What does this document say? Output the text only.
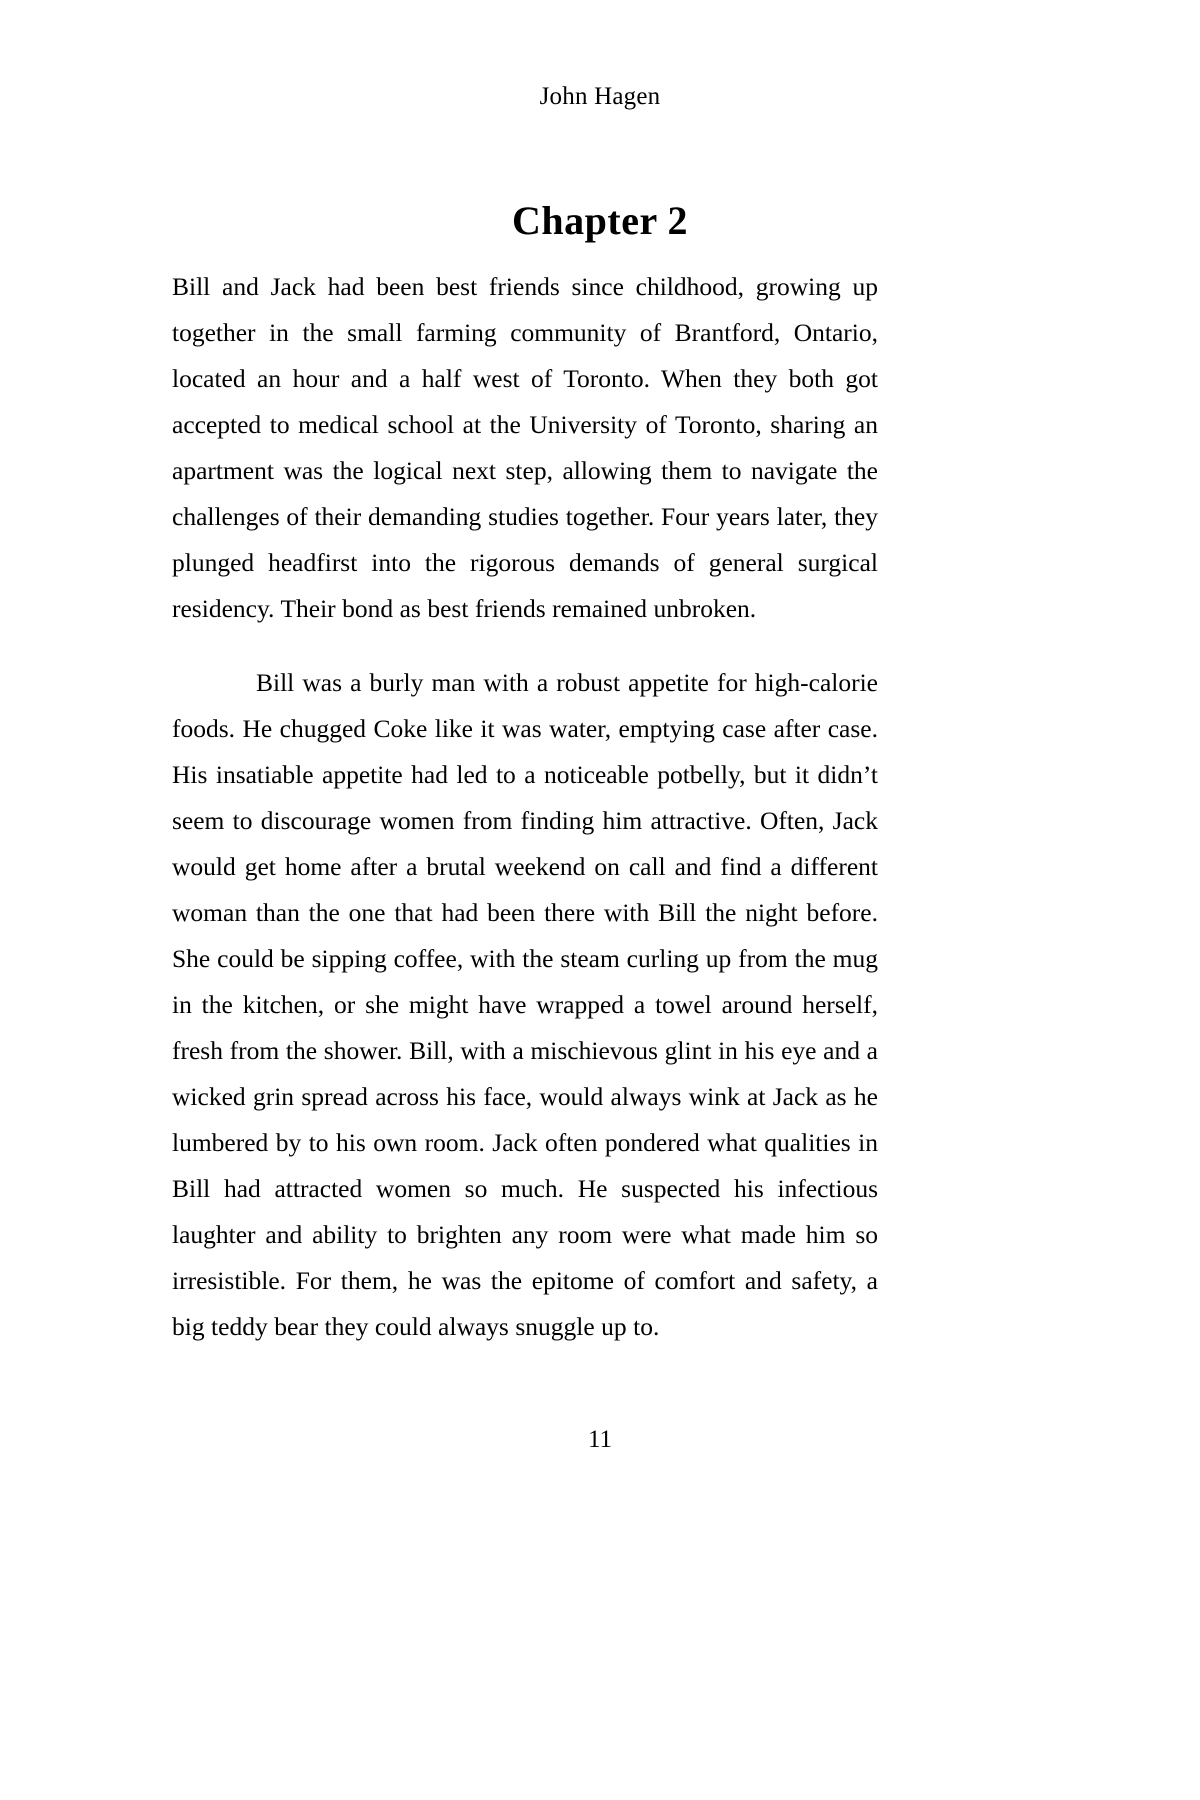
John Hagen
Chapter 2

Bill and Jack had been best friends since childhood, growing up together in the small farming community of Brantford, Ontario, located an hour and a half west of Toronto. When they both got accepted to medical school at the University of Toronto, sharing an apartment was the logical next step, allowing them to navigate the challenges of their demanding studies together. Four years later, they plunged headfirst into the rigorous demands of general surgical residency. Their bond as best friends remained unbroken.

Bill was a burly man with a robust appetite for high-calorie foods. He chugged Coke like it was water, emptying case after case. His insatiable appetite had led to a noticeable potbelly, but it didn’t seem to discourage women from finding him attractive. Often, Jack would get home after a brutal weekend on call and find a different woman than the one that had been there with Bill the night before. She could be sipping coffee, with the steam curling up from the mug in the kitchen, or she might have wrapped a towel around herself, fresh from the shower. Bill, with a mischievous glint in his eye and a wicked grin spread across his face, would always wink at Jack as he lumbered by to his own room. Jack often pondered what qualities in Bill had attracted women so much. He suspected his infectious laughter and ability to brighten any room were what made him so irresistible. For them, he was the epitome of comfort and safety, a big teddy bear they could always snuggle up to.

11
